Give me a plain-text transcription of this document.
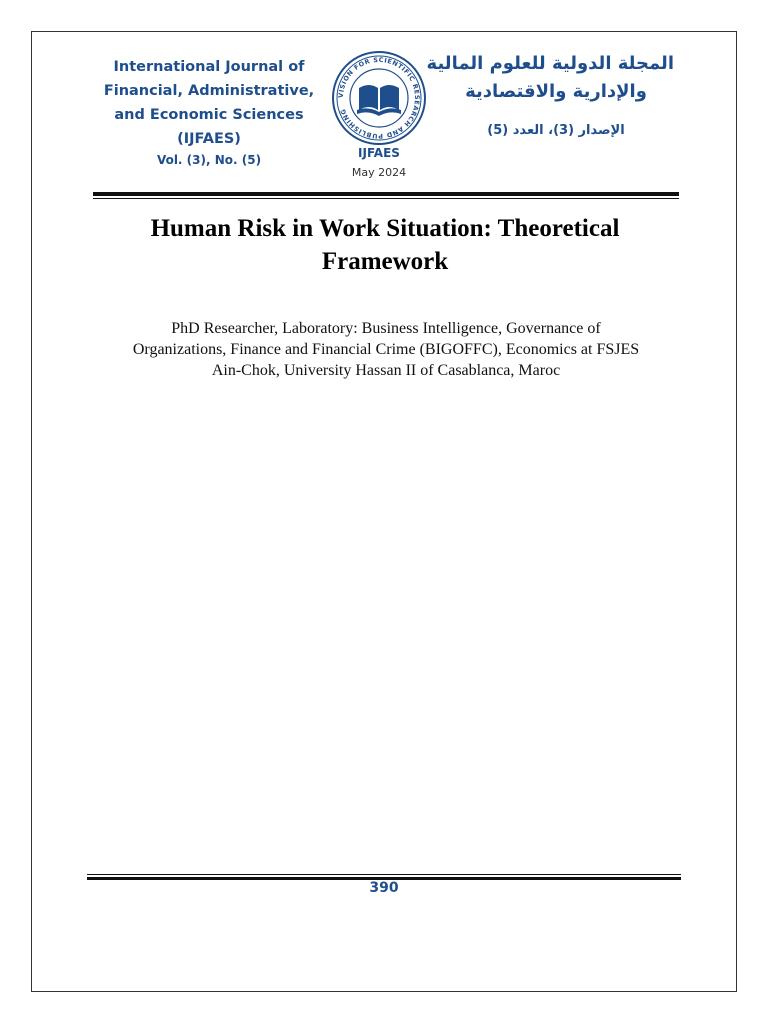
International Journal of
Financial, Administrative,
and Economic Sciences
(IJFAES)
Vol. (3), No. (5)
VISION FOR SCIENTIFIC RESEARCH AND PUBLISHING
IJFAES
May 2024
المجلة الدولية للعلوم المالية
والإدارية والاقتصادية
الإصدار (3)، العدد (5)
Human Risk in Work Situation: Theoretical
Framework

PhD Researcher, Laboratory: Business Intelligence, Governance of
Organizations, Finance and Financial Crime (BIGOFFC), Economics at FSJES
Ain-Chok, University Hassan II of Casablanca, Maroc

390
